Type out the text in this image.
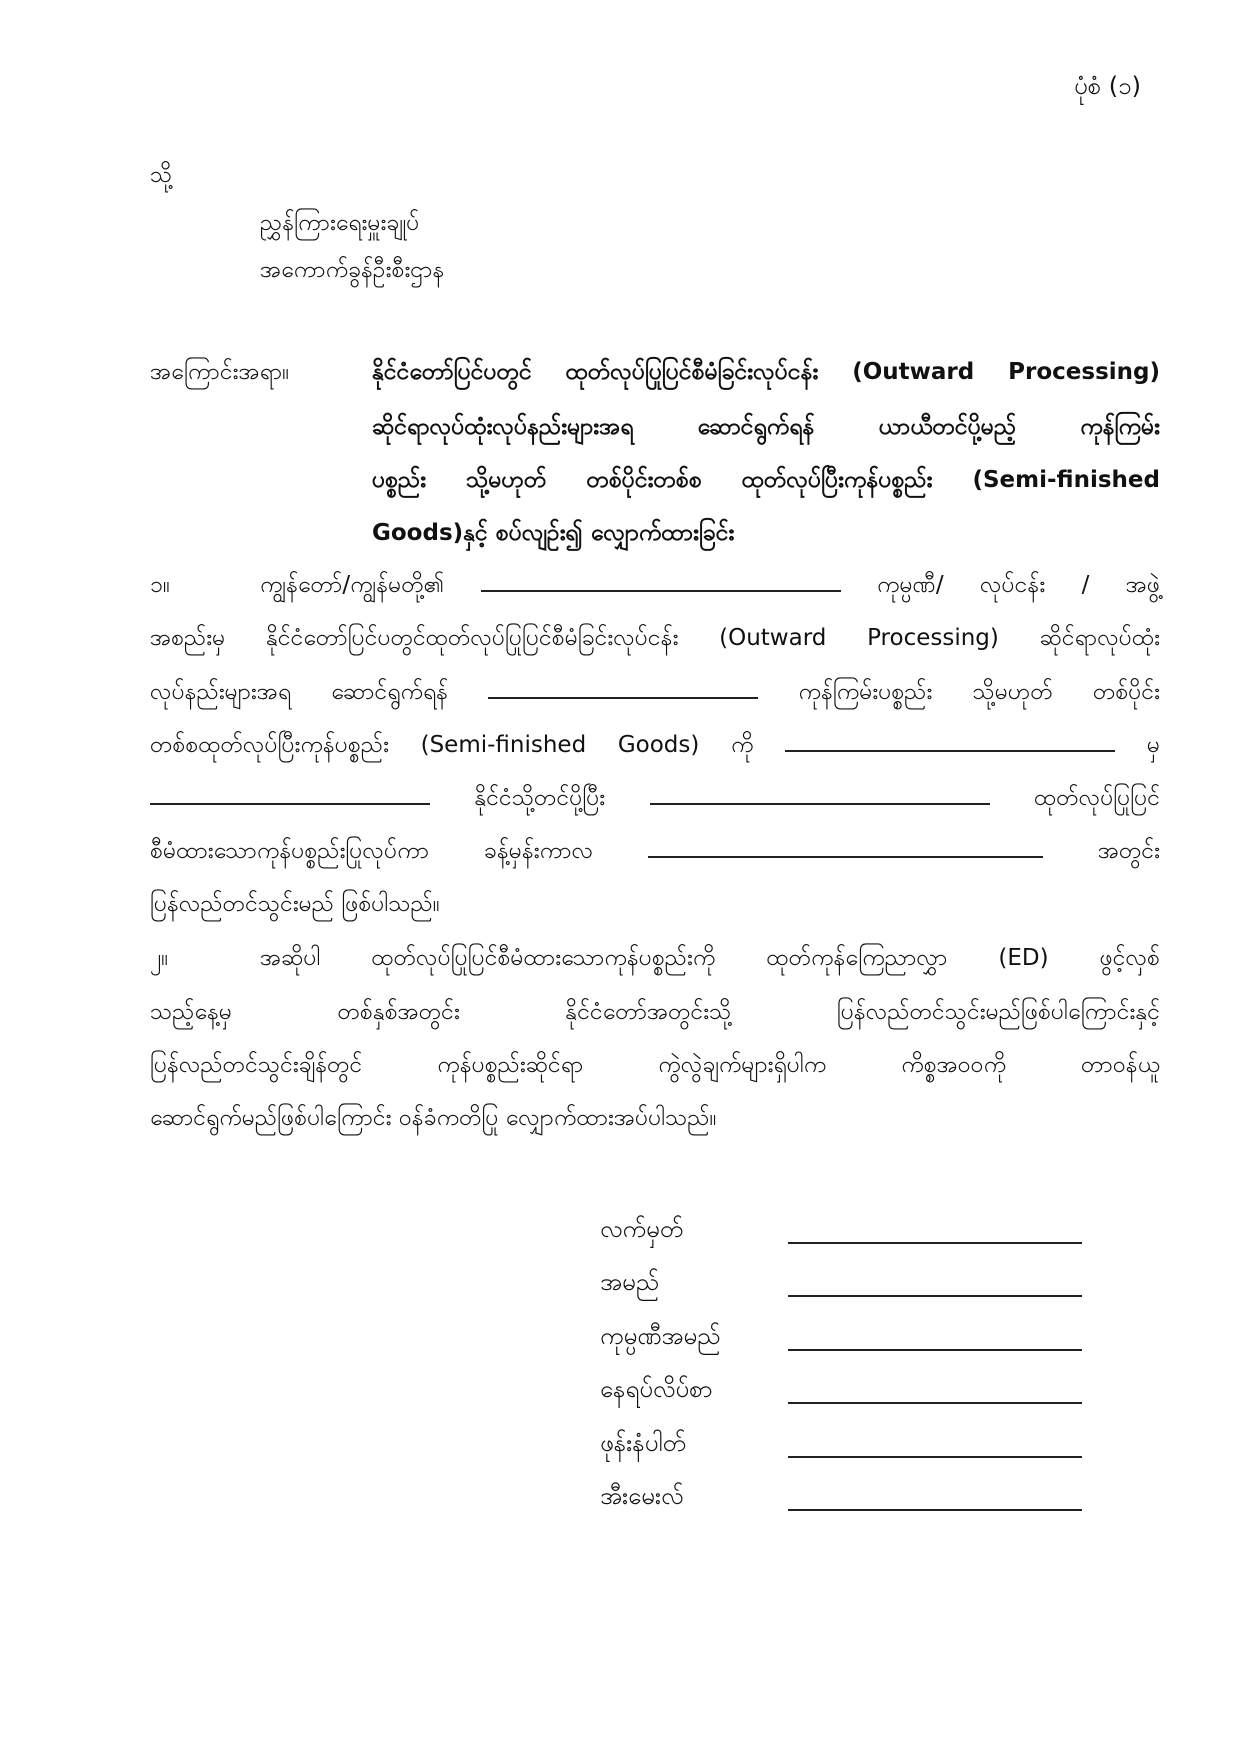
ပုံစံ (၁)
သို့
ညွှန်ကြားရေးမှူးချုပ်
အကောက်ခွန်ဦးစီးဌာန
အကြောင်းအရာ။	နိုင်ငံတော်ပြင်ပတွင် ထုတ်လုပ်ပြုပြင်စီမံခြင်းလုပ်ငန်း (Outward Processing)
ဆိုင်ရာလုပ်ထုံးလုပ်နည်းများအရ ဆောင်ရွက်ရန် ယာယီတင်ပို့မည့် ကုန်ကြမ်း
ပစ္စည်း သို့မဟုတ် တစ်ပိုင်းတစ်စ ထုတ်လုပ်ပြီးကုန်ပစ္စည်း (Semi-finished
Goods)နှင့် စပ်လျဉ်း၍ လျှောက်ထားခြင်း
၁။	ကျွန်တော်/ကျွန်မတို့၏	ကုမ္ပဏီ/ လုပ်ငန်း / အဖွဲ့
အစည်းမှ နိုင်ငံတော်ပြင်ပတွင်ထုတ်လုပ်ပြုပြင်စီမံခြင်းလုပ်ငန်း (Outward Processing) ဆိုင်ရာလုပ်ထုံး
လုပ်နည်းများအရ ဆောင်ရွက်ရန်	ကုန်ကြမ်းပစ္စည်း သို့မဟုတ် တစ်ပိုင်း
တစ်စထုတ်လုပ်ပြီးကုန်ပစ္စည်း (Semi-finished Goods) ကို	မှ
နိုင်ငံသို့တင်ပို့ပြီး	ထုတ်လုပ်ပြုပြင်
စီမံထားသောကုန်ပစ္စည်းပြုလုပ်ကာ ခန့်မှန်းကာလ	အတွင်း
ပြန်လည်တင်သွင်းမည် ဖြစ်ပါသည်။
၂။	အဆိုပါ ထုတ်လုပ်ပြုပြင်စီမံထားသောကုန်ပစ္စည်းကို ထုတ်ကုန်ကြေညာလွှာ (ED) ဖွင့်လှစ်
သည့်နေ့မှ တစ်နှစ်အတွင်း နိုင်ငံတော်အတွင်းသို့ ပြန်လည်တင်သွင်းမည်ဖြစ်ပါကြောင်းနှင့်
ပြန်လည်တင်သွင်းချိန်တွင် ကုန်ပစ္စည်းဆိုင်ရာ ကွဲလွဲချက်များရှိပါက ကိစ္စအဝဝကို တာဝန်ယူ
ဆောင်ရွက်မည်ဖြစ်ပါကြောင်း ဝန်ခံကတိပြု လျှောက်ထားအပ်ပါသည်။
လက်မှတ်
အမည်
ကုမ္ပဏီအမည်
နေရပ်လိပ်စာ
ဖုန်းနံပါတ်
အီးမေးလ်
